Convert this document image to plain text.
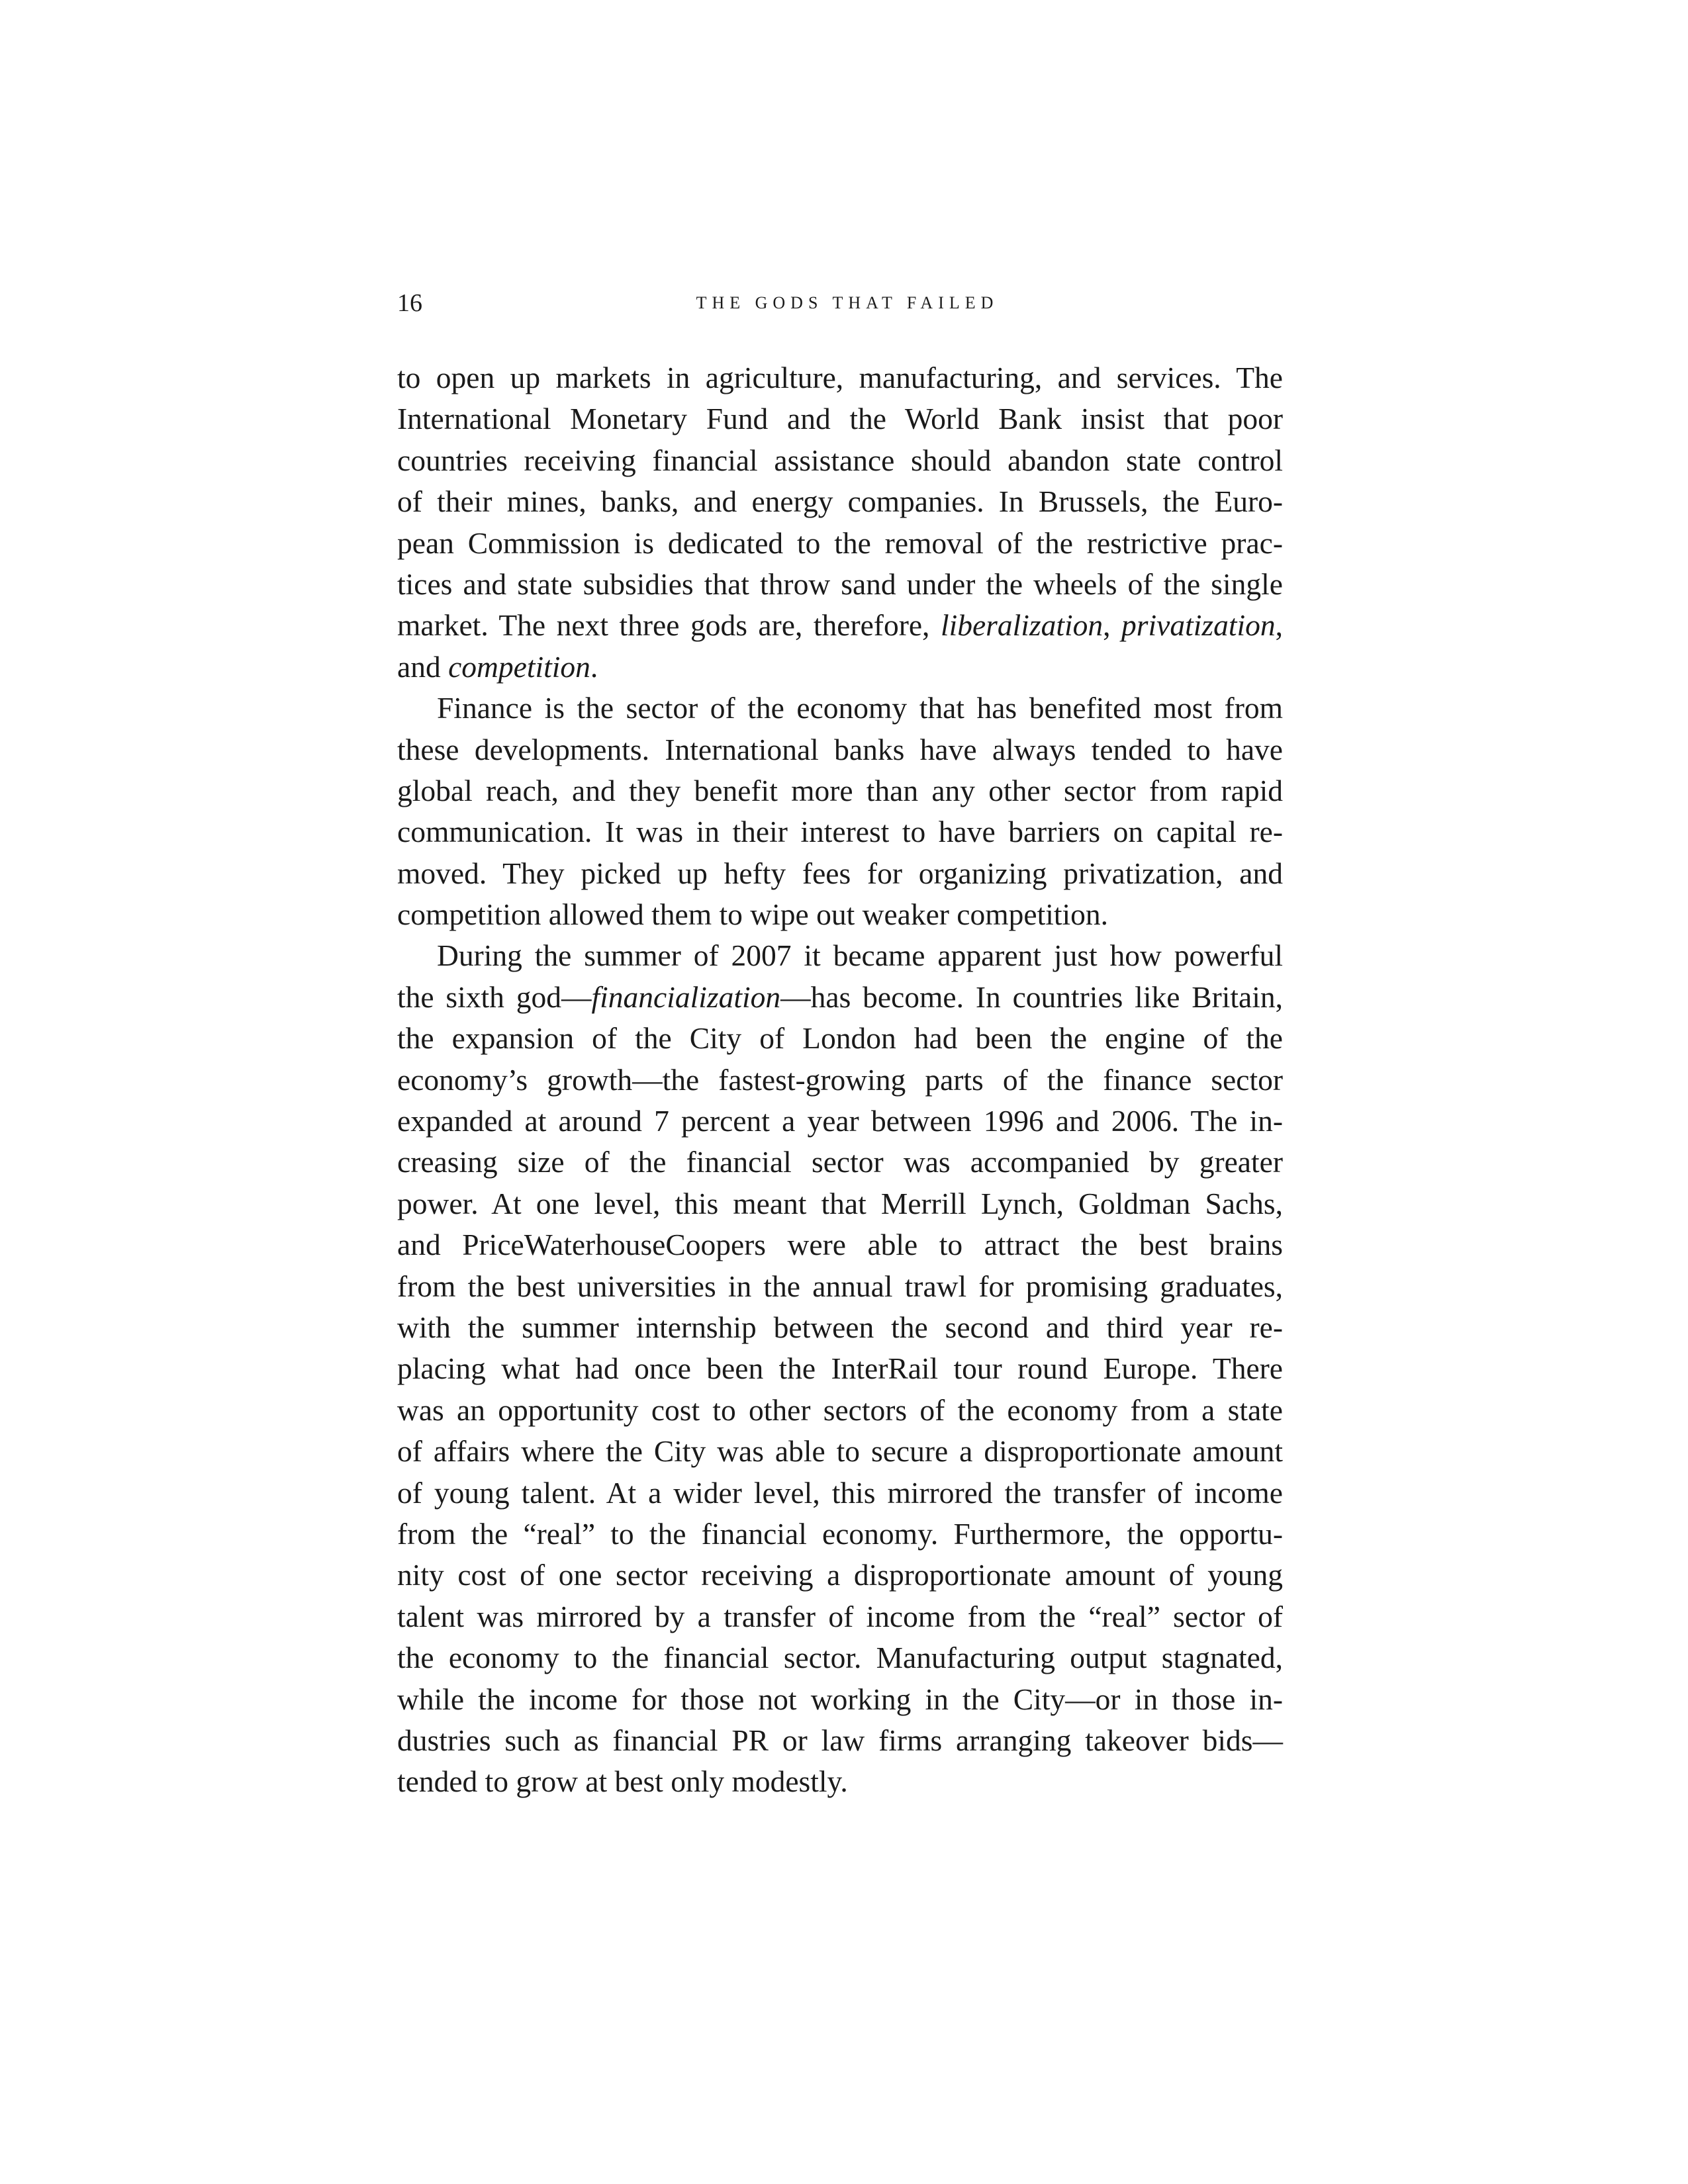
16	THE GODS THAT FAILED
to open up markets in agriculture, manufacturing, and services. The
International Monetary Fund and the World Bank insist that poor
countries receiving financial assistance should abandon state control
of their mines, banks, and energy companies. In Brussels, the Euro-
pean Commission is dedicated to the removal of the restrictive prac-
tices and state subsidies that throw sand under the wheels of the single
market. The next three gods are, therefore, liberalization, privatization,
and competition.
Finance is the sector of the economy that has benefited most from
these developments. International banks have always tended to have
global reach, and they benefit more than any other sector from rapid
communication. It was in their interest to have barriers on capital re-
moved. They picked up hefty fees for organizing privatization, and
competition allowed them to wipe out weaker competition.
During the summer of 2007 it became apparent just how powerful
the sixth god—financialization—has become. In countries like Britain,
the expansion of the City of London had been the engine of the
economy’s growth—the fastest-growing parts of the finance sector
expanded at around 7 percent a year between 1996 and 2006. The in-
creasing size of the financial sector was accompanied by greater
power. At one level, this meant that Merrill Lynch, Goldman Sachs,
and PriceWaterhouseCoopers were able to attract the best brains
from the best universities in the annual trawl for promising graduates,
with the summer internship between the second and third year re-
placing what had once been the InterRail tour round Europe. There
was an opportunity cost to other sectors of the economy from a state
of affairs where the City was able to secure a disproportionate amount
of young talent. At a wider level, this mirrored the transfer of income
from the “real” to the financial economy. Furthermore, the opportu-
nity cost of one sector receiving a disproportionate amount of young
talent was mirrored by a transfer of income from the “real” sector of
the economy to the financial sector. Manufacturing output stagnated,
while the income for those not working in the City—or in those in-
dustries such as financial PR or law firms arranging takeover bids—
tended to grow at best only modestly.
